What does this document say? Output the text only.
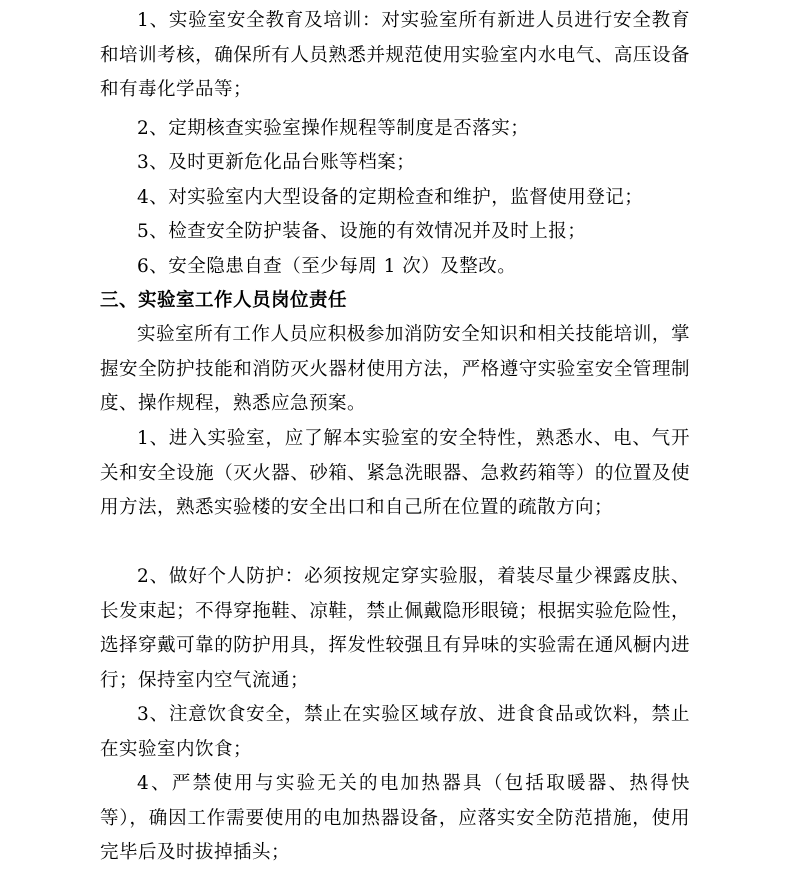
1、实验室安全教育及培训：对实验室所有新进人员进行安全教育和培训考核，确保所有人员熟悉并规范使用实验室内水电气、高压设备和有毒化学品等；

2、定期核查实验室操作规程等制度是否落实；

3、及时更新危化品台账等档案；

4、对实验室内大型设备的定期检查和维护，监督使用登记；

5、检查安全防护装备、设施的有效情况并及时上报；

6、安全隐患自查（至少每周 1 次）及整改。

三、实验室工作人员岗位责任

实验室所有工作人员应积极参加消防安全知识和相关技能培训，掌握安全防护技能和消防灭火器材使用方法，严格遵守实验室安全管理制度、操作规程，熟悉应急预案。

1、进入实验室，应了解本实验室的安全特性，熟悉水、电、气开关和安全设施（灭火器、砂箱、紧急洗眼器、急救药箱等）的位置及使用方法，熟悉实验楼的安全出口和自己所在位置的疏散方向；

2、做好个人防护：必须按规定穿实验服，着装尽量少裸露皮肤、长发束起；不得穿拖鞋、凉鞋，禁止佩戴隐形眼镜；根据实验危险性，选择穿戴可靠的防护用具，挥发性较强且有异味的实验需在通风橱内进行；保持室内空气流通；

3、注意饮食安全，禁止在实验区域存放、进食食品或饮料，禁止在实验室内饮食；

4、严禁使用与实验无关的电加热器具（包括取暖器、热得快等），确因工作需要使用的电加热器设备，应落实安全防范措施，使用完毕后及时拔掉插头；
